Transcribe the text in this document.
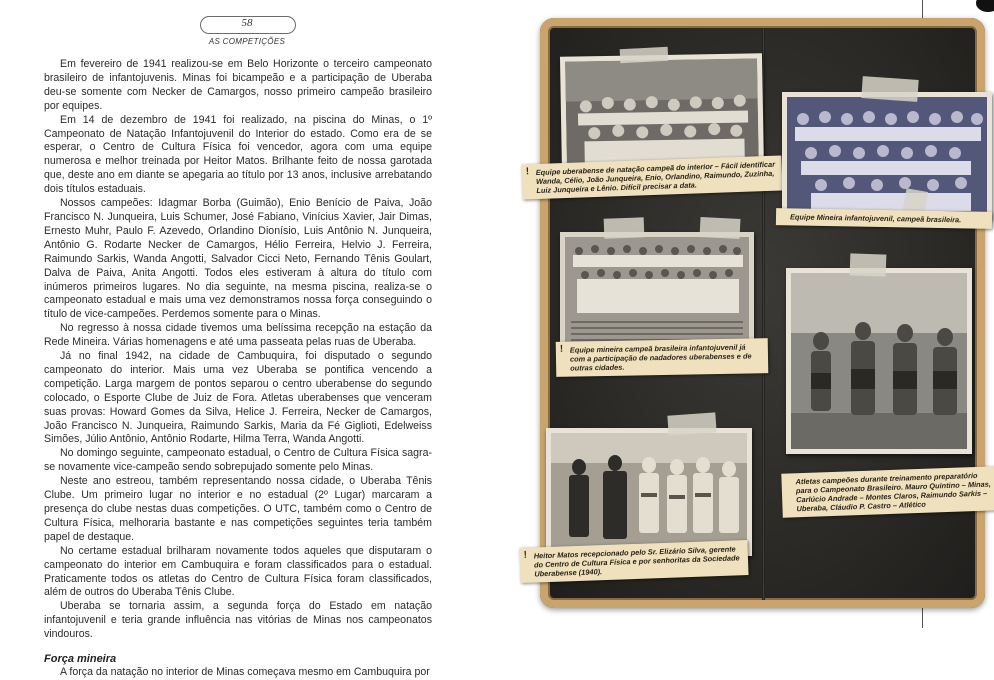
58
AS COMPETIÇÕES

Em fevereiro de 1941 realizou-se em Belo Horizonte o terceiro campeonato brasileiro de infantojuvenis. Minas foi bicampeão e a participação de Uberaba deu-se somente com Necker de Camargos, nosso primeiro campeão brasileiro por equipes.

Em 14 de dezembro de 1941 foi realizado, na piscina do Minas, o 1º Campeonato de Natação Infantojuvenil do Interior do estado. Como era de se esperar, o Centro de Cultura Física foi vencedor, agora com uma equipe numerosa e melhor treinada por Heitor Matos. Brilhante feito de nossa garotada que, deste ano em diante se apegaria ao título por 13 anos, inclusive arrebatando dois títulos estaduais.

Nossos campeões: Idagmar Borba (Guimão), Enio Benício de Paiva, João Francisco N. Junqueira, Luis Schumer, José Fabiano, Vinícius Xavier, Jair Dimas, Ernesto Muhr, Paulo F. Azevedo, Orlandino Dionísio, Luis Antônio N. Junqueira, Antônio G. Rodarte Necker de Camargos, Hélio Ferreira, Helvio J. Ferreira, Raimundo Sarkis, Wanda Angotti, Salvador Cicci Neto, Fernando Tênis Goulart, Dalva de Paiva, Anita Angotti. Todos eles estiveram à altura do título com inúmeros primeiros lugares. No dia seguinte, na mesma piscina, realiza-se o campeonato estadual e mais uma vez demonstramos nossa força conseguindo o título de vice-campeões. Perdemos somente para o Minas.

No regresso à nossa cidade tivemos uma belíssima recepção na estação da Rede Mineira. Várias homenagens e até uma passeata pelas ruas de Uberaba.

Já no final 1942, na cidade de Cambuquira, foi disputado o segundo campeonato do interior. Mais uma vez Uberaba se pontifica vencendo a competição. Larga margem de pontos separou o centro uberabense do segundo colocado, o Esporte Clube de Juiz de Fora. Atletas uberabenses que venceram suas provas: Howard Gomes da Silva, Helice J. Ferreira, Necker de Camargos, João Francisco N. Junqueira, Raimundo Sarkis, Maria da Fé Giglioti, Edelweiss Simões, Júlio Antônio, Antônio Rodarte, Hilma Terra, Wanda Angotti.

No domingo seguinte, campeonato estadual, o Centro de Cultura Física sagra-se novamente vice-campeão sendo sobrepujado somente pelo Minas.

Neste ano estreou, também representando nossa cidade, o Uberaba Tênis Clube. Um primeiro lugar no interior e no estadual (2º Lugar) marcaram a presença do clube nestas duas competições. O UTC, também como o Centro de Cultura Física, melhoraria bastante e nas competições seguintes teria também papel de destaque.

No certame estadual brilharam novamente todos aqueles que disputaram o campeonato do interior em Cambuquira e foram classificados para o estadual. Praticamente todos os atletas do Centro de Cultura Física foram classificados, além de outros do Uberaba Tênis Clube.

Uberaba se tornaria assim, a segunda força do Estado em natação infantojuvenil e teria grande influência nas vitórias de Minas nos campeonatos vindouros.

Força mineira

A força da natação no interior de Minas começava mesmo em Cambuquira por

! Equipe uberabense de natação campeã do interior – Fácil identificar Wanda, Célio, João Junqueira, Enio, Orlandino, Raimundo, Zuzinha, Luiz Junqueira e Lênio. Difícil precisar a data.
Equipe Mineira infantojuvenil, campeã brasileira.
! Equipe mineira campeã brasileira infantojuvenil já com a participação de nadadores uberabenses e de outras cidades.
Atletas campeões durante treinamento preparatório para o Campeonato Brasileiro. Mauro Quintino – Minas, Carlúcio Andrade – Montes Claros, Raimundo Sarkis – Uberaba, Cláudio P. Castro – Atlético
! Heitor Matos recepcionado pelo Sr. Elizário Silva, gerente do Centro de Cultura Física e por senhoritas da Sociedade Uberabense (1940).
